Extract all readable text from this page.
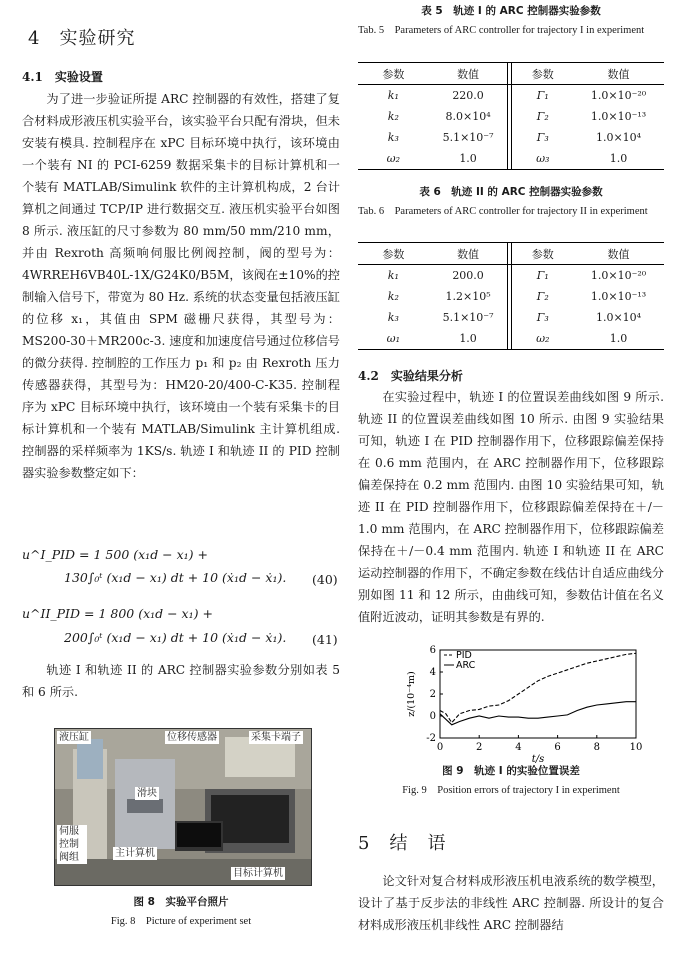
4　实验研究
4.1　实验设置

为了进一步验证所提 ARC 控制器的有效性，搭建了复合材料成形液压机实验平台，该实验平台只配有滑块，但未安装有模具. 控制程序在 xPC 目标环境中执行，该环境由一个装有 NI 的 PCI-6259 数据采集卡的目标计算机和一个装有 MATLAB/Simulink 软件的主计算机构成，2 台计算机之间通过 TCP/IP 进行数据交互. 液压机实验平台如图 8 所示. 液压缸的尺寸参数为 80 mm/50 mm/210 mm，并由 Rexroth 高频响伺服比例阀控制，阀的型号为：4WRREH6VB40L-1X/G24K0/B5M，该阀在±10%的控制输入信号下，带宽为 80 Hz. 系统的状态变量包括液压缸的位移 x₁，其值由 SPM 磁栅尺获得，其型号为：MS200-30＋MR200c-3. 速度和加速度信号通过位移信号的微分获得. 控制腔的工作压力 p₁ 和 p₂ 由 Rexroth 压力传感器获得，其型号为：HM20-20/400-C-K35. 控制程序为 xPC 目标环境中执行，该环境由一个装有采集卡的目标计算机和一个装有 MATLAB/Simulink 主计算机组成. 控制器的采样频率为 1KS/s. 轨迹 I 和轨迹 II 的 PID 控制器实验参数整定如下：

u^I_PID = 1 500 (x₁d − x₁) +
130∫₀ᵗ (x₁d − x₁) dt + 10 (ẋ₁d − ẋ₁). (40)
u^II_PID = 1 800 (x₁d − x₁) +
200∫₀ᵗ (x₁d − x₁) dt + 10 (ẋ₁d − ẋ₁). (41)

轨迹 I 和轨迹 II 的 ARC 控制器实验参数分别如表 5 和 6 所示.

液压缸	位移传感器	采集卡端子
滑块
伺服控制阀组	主计算机
目标计算机
图 8　实验平台照片
Fig. 8　Picture of experiment set
表 5　轨迹 I 的 ARC 控制器实验参数
Tab. 5　Parameters of ARC controller for trajectory I in experiment
参数	数值		参数	数值
k₁	220.0		Γ₁	1.0×10⁻²⁰
k₂	8.0×10⁴		Γ₂	1.0×10⁻¹³
k₃	5.1×10⁻⁷		Γ₃	1.0×10⁴
ω₂	1.0		ω₃	1.0
表 6　轨迹 II 的 ARC 控制器实验参数
Tab. 6　Parameters of ARC controller for trajectory II in experiment
参数	数值		参数	数值
k₁	200.0		Γ₁	1.0×10⁻²⁰
k₂	1.2×10⁵		Γ₂	1.0×10⁻¹³
k₃	5.1×10⁻⁷		Γ₃	1.0×10⁴
ω₁	1.0		ω₂	1.0
4.2　实验结果分析

在实验过程中，轨迹 I 的位置误差曲线如图 9 所示. 轨迹 II 的位置误差曲线如图 10 所示. 由图 9 实验结果可知，轨迹 I 在 PID 控制器作用下，位移跟踪偏差保持在 0.6 mm 范围内，在 ARC 控制器作用下，位移跟踪偏差保持在 0.2 mm 范围内. 由图 10 实验结果可知，轨迹 II 在 PID 控制器作用下，位移跟踪偏差保持在＋/－1.0 mm 范围内，在 ARC 控制器作用下，位移跟踪偏差保持在＋/－0.4 mm 范围内. 轨迹 I 和轨迹 II 在 ARC 运动控制器的作用下，不确定参数在线估计自适应曲线分别如图 11 和 12 所示，由曲线可知，参数估计值在名义值附近波动，证明其参数是有界的.

0	2	4	6	8	10
-2
0
2
4
6
t/s
z/(10⁻⁴m)
PID
ARC
图 9　轨迹 I 的实验位置误差
Fig. 9　Position errors of trajectory I in experiment
5　结　语

论文针对复合材料成形液压机电液系统的数学模型，设计了基于反步法的非线性 ARC 控制器. 所设计的复合材料成形液压机非线性 ARC 控制器结
